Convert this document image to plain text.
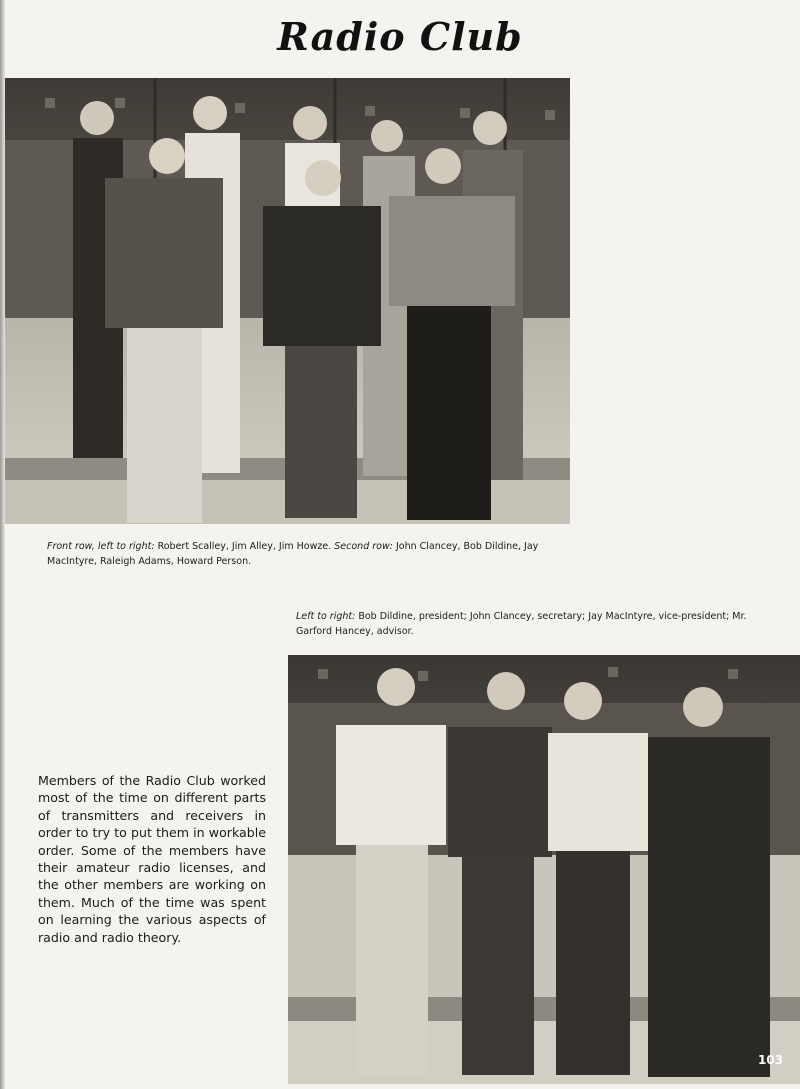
Radio Club
Front row, left to right: Robert Scalley, Jim Alley, Jim Howze. Second row: John Clancey, Bob Dildine, Jay MacIntyre, Raleigh Adams, Howard Person.
Left to right: Bob Dildine, president; John Clancey, secretary; Jay MacIntyre, vice-president; Mr. Garford Hancey, advisor.
Members of the Radio Club worked most of the time on different parts of transmitters and receivers in order to try to put them in workable order. Some of the members have their amateur radio licenses, and the other members are working on them. Much of the time was spent on learning the various aspects of radio and radio theory.
103
